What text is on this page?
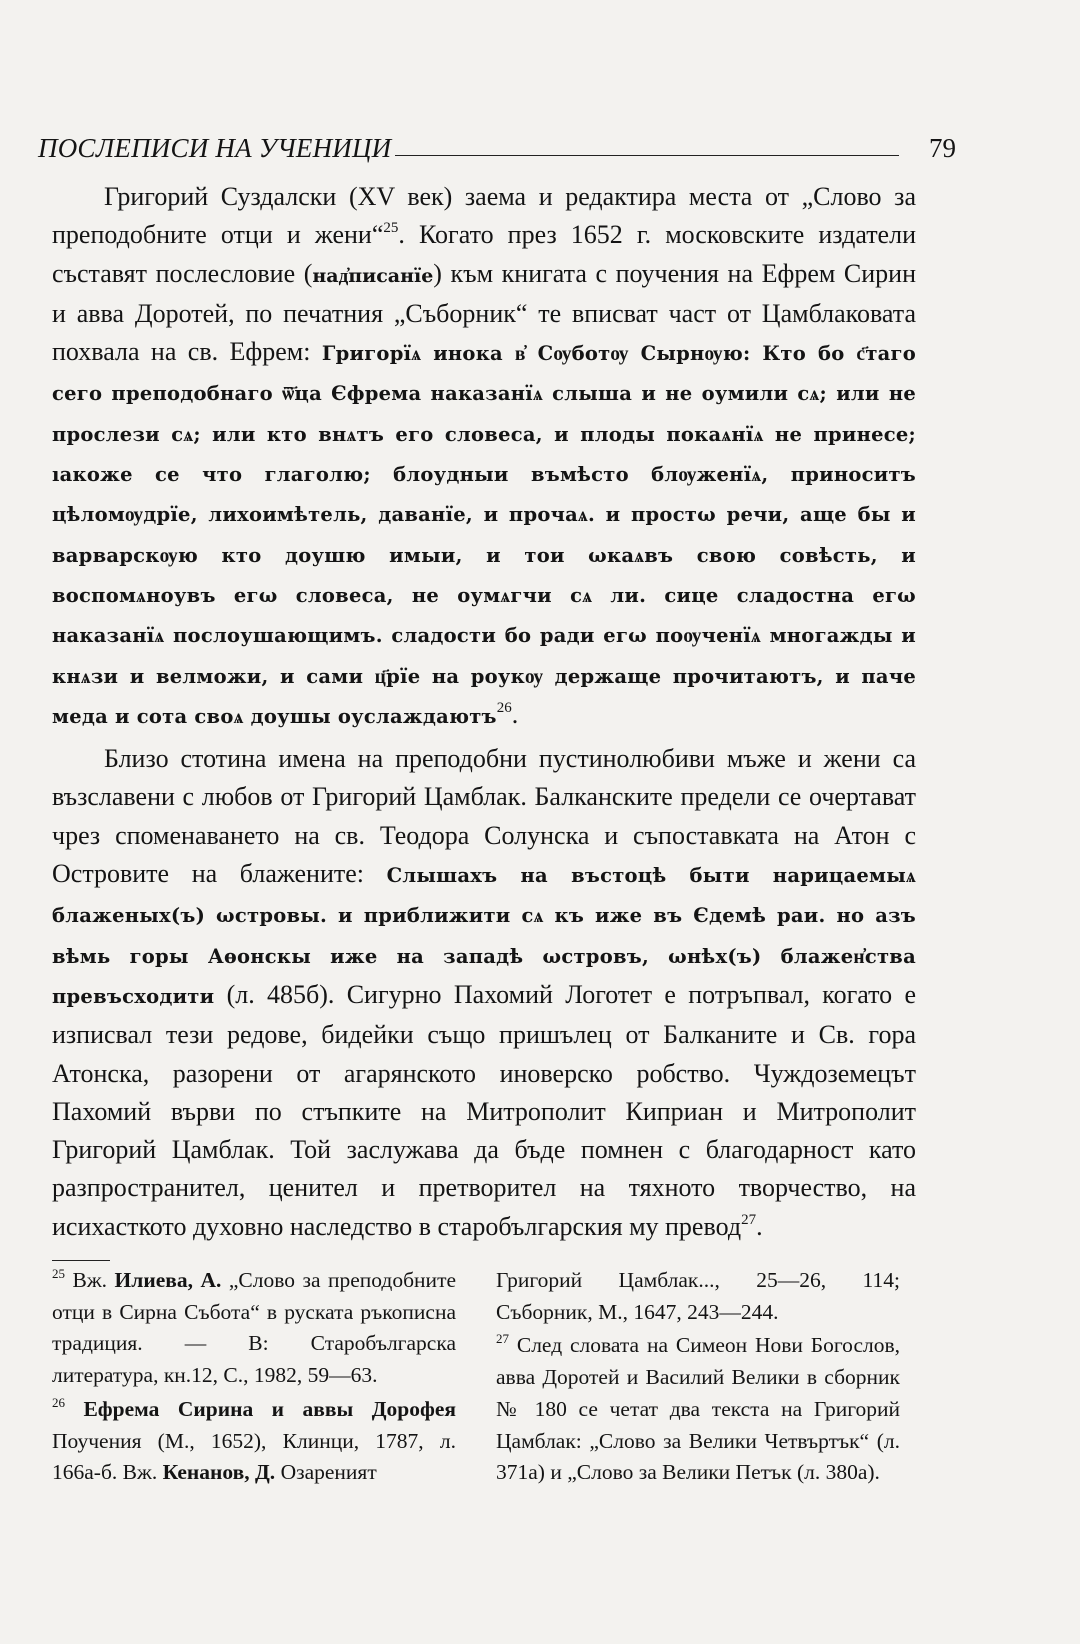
ПОСЛЕПИСИ НА УЧЕНИЦИ	79

Григорий Суздалски (XV век) заема и редактира места от „Слово за преподобните отци и жени“$^{25}$. Когато през 1652 г. московските издатели съставят послесловие (над҆писанїе) към книгата с поучения на Ефрем Сирин и авва Доротей, по печатния „Съборник“ те вписват част от Цамблаковата похвала на св. Ефрем: Григорїѧ инока в҆ Сѹботѹ Сырнѹю: Кто бо с҃таго сего преподобнаго ѿ҃ца Єфрема наказанїѧ слыша и не оумили сѧ; или не прослези сѧ; или кто внѧтъ его словеса, и плоды покаѧнїѧ не принесе; ıакоже се что глаголю; блоудныи въмѣсто блѹженїѧ, приноситъ цѣломѹдрїе, лихоимѣтель, даванїе, и прочаѧ. и простω речи, аще бы и варварскѹю кто доушю имыи, и тои ωкаѧвъ свою совѣсть, и воспомѧноувъ егω словеса, не оумѧгчи сѧ ли. сице сладостна егω наказанїѧ послоушающимъ. сладости бо ради егω поѹченїѧ многажды и кнѧзи и велможи, и сами ц҃рїе на роукѹ держаще прочитаютъ, и паче меда и сота своѧ доушы оуслаждаютъ$^{26}$.

Близо стотина имена на преподобни пустинолюбиви мъже и жени са възславени с любов от Григорий Цамблак. Балканските предели се очертават чрез споменаването на св. Теодора Солунска и съпоставката на Атон с Островите на блажените: Слышахъ на въстоцѣ быти нарицаемыѧ блаженых(ъ) ωстровы. и приближити сѧ къ иже въ Єдемѣ раи. но азъ вѣмь горы Аѳонскы иже на западѣ ωстровъ, ωнѣх(ъ) блажен҆ства превъсходити (л. 485б). Сигурно Пахомий Логотет е потръпвал, когато е изписвал тези редове, бидейки също пришълец от Балканите и Св. гора Атонска, разорени от агарянското иноверско робство. Чуждоземецът Пахомий върви по стъпките на Митрополит Киприан и Митрополит Григорий Цамблак. Той заслужава да бъде помнен с благодарност като разпространител, ценител и претворител на тяхното творчество, на исихасткото духовно наследство в старобългарския му превод$^{27}$.

$^{25}$ Вж. Илиева, А. „Слово за преподобните отци в Сирна Събота“ в руската ръкописна традиция. — В: Старобългарска литература, кн.12, С., 1982, 59—63.

$^{26}$ Ефрема Сирина и аввы Дорофея Поучения (М., 1652), Клинци, 1787, л. 166а-б. Вж. Кенанов, Д. Озареният

Григорий Цамблак..., 25—26, 114; Съборник, М., 1647, 243—244.

$^{27}$ След словата на Симеон Нови Богослов, авва Доротей и Василий Велики в сборник № 180 се четат два текста на Григорий Цамблак: „Слово за Велики Четвъртък“ (л. 371а) и „Слово за Велики Петък (л. 380а).
